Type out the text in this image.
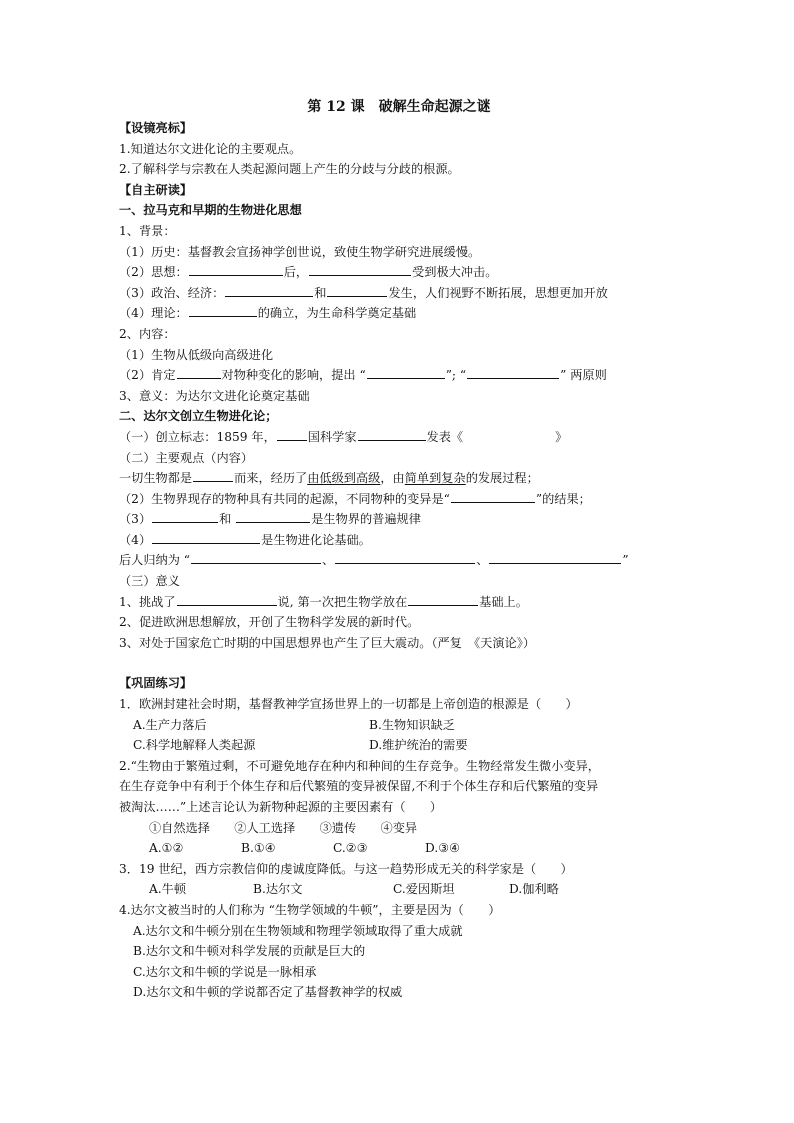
第 12 课　破解生命起源之谜
【设镜亮标】
1.知道达尔文进化论的主要观点。
2.了解科学与宗教在人类起源问题上产生的分歧与分歧的根源。
【自主研读】
一、拉马克和早期的生物进化思想
1、背景：
（1）历史：基督教会宣扬神学创世说，致使生物学研究进展缓慢。
（2）思想：	后，	受到极大冲击。
（3）政治、经济：	和	发生，人们视野不断拓展，思想更加开放
（4）理论：	的确立，为生命科学奠定基础
2、内容：
（1）生物从低级向高级进化
（2）肯定	对物种变化的影响，提出 “	”; “	” 两原则
3、意义：为达尔文进化论奠定基础
二、达尔文创立生物进化论；
（一）创立标志：1859 年，	国科学家	发表《	》
（二）主要观点（内容）
一切生物都是	而来，经历了由低级到高级，由简单到复杂的发展过程；
（2）生物界现存的物种具有共同的起源，不同物种的变异是“	”的结果；
（3）	和	是生物界的普遍规律
（4）	是生物进化论基础。
后人归纳为 “	、	、	”
（三）意义
1、挑战了	说, 第一次把生物学放在	基础上。
2、促进欧洲思想解放，开创了生物科学发展的新时代。
3、对处于国家危亡时期的中国思想界也产生了巨大震动。（严复　《天演论》）
【巩固练习】
1．欧洲封建社会时期，基督教神学宣扬世界上的一切都是上帝创造的根源是（　　）
A.生产力落后	B.生物知识缺乏
C.科学地解释人类起源	D.维护统治的需要
2.“生物由于繁殖过剩，不可避免地存在种内和种间的生存竞争。生物经常发生微小变异，
在生存竞争中有利于个体生存和后代繁殖的变异被保留,不利于个体生存和后代繁殖的变异
被淘汰……”上述言论认为新物种起源的主要因素有（　　）
①自然选择　　②人工选择　　③遗传　　④变异
A.①②	B.①④	C.②③	D.③④
3．19 世纪，西方宗教信仰的虔诚度降低。与这一趋势形成无关的科学家是（　　）
A.牛顿	B.达尔文	C.爱因斯坦	D.伽利略
4.达尔文被当时的人们称为 “生物学领域的牛顿”，主要是因为（　　）
A.达尔文和牛顿分别在生物领域和物理学领域取得了重大成就
B.达尔文和牛顿对科学发展的贡献是巨大的
C.达尔文和牛顿的学说是一脉相承
D.达尔文和牛顿的学说都否定了基督教神学的权威
